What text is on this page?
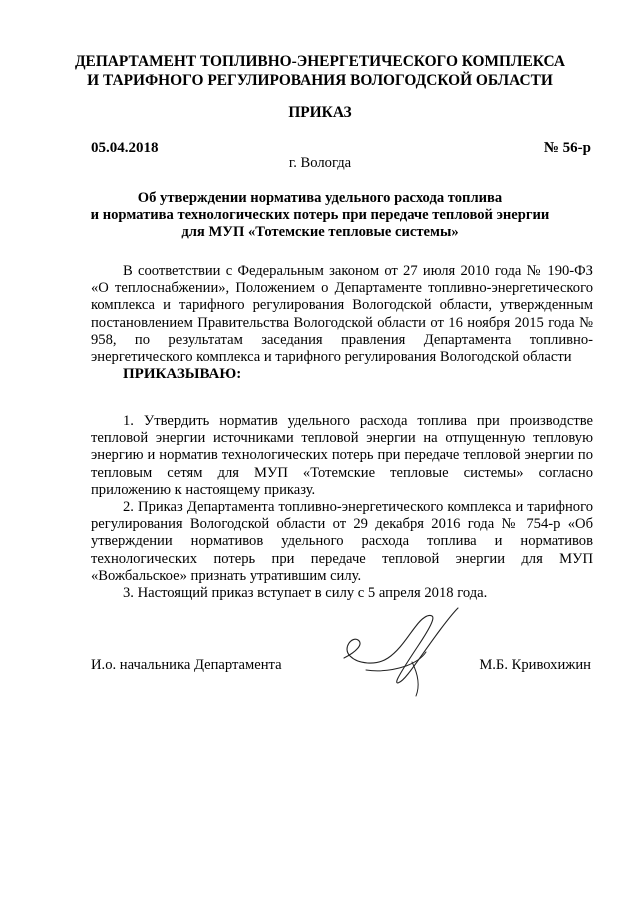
ДЕПАРТАМЕНТ ТОПЛИВНО-ЭНЕРГЕТИЧЕСКОГО КОМПЛЕКСА
И ТАРИФНОГО РЕГУЛИРОВАНИЯ ВОЛОГОДСКОЙ ОБЛАСТИ
ПРИКАЗ
05.04.2018	№ 56-р
г. Вологда
Об утверждении норматива удельного расхода топлива
и норматива технологических потерь при передаче тепловой энергии
для МУП «Тотемские тепловые системы»

В соответствии с Федеральным законом от 27 июля 2010 года № 190-ФЗ «О теплоснабжении», Положением о Департаменте топливно-энергетического комплекса и тарифного регулирования Вологодской области, утвержденным постановлением Правительства Вологодской области от 16 ноября 2015 года № 958, по результатам заседания правления Департамента топливно-энергетического комплекса и тарифного регулирования Вологодской области

ПРИКАЗЫВАЮ:

1. Утвердить норматив удельного расхода топлива при производстве тепловой энергии источниками тепловой энергии на отпущенную тепловую энергию и норматив технологических потерь при передаче тепловой энергии по тепловым сетям для МУП «Тотемские тепловые системы» согласно приложению к настоящему приказу.

2. Приказ Департамента топливно-энергетического комплекса и тарифного регулирования Вологодской области от 29 декабря 2016 года № 754-р «Об утверждении нормативов удельного расхода топлива и нормативов технологических потерь при передаче тепловой энергии для МУП «Вожбальское» признать утратившим силу.

3. Настоящий приказ вступает в силу с 5 апреля 2018 года.

И.о. начальника Департамента	М.Б. Кривохижин
